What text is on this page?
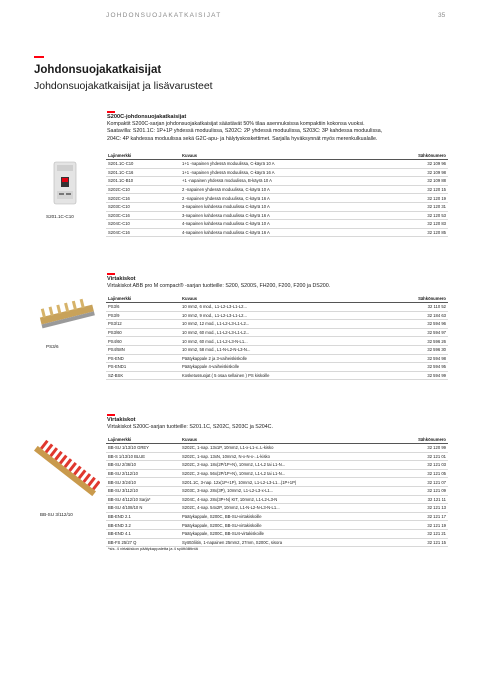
JOHDONSUOJAKATKAISIJAT	35
Johdonsuojakatkaisijat
Johdonsuojakatkaisijat ja lisävarusteet
S200C-johdonsuojakatkaisijat
Kompaktit S200C-sarjan johdonsuojakatkaisijat säästävät 50% tilaa asennuksissa kompaktiin kokonsa vuoksi.
Saatavilla: S201.1C: 1P+1P yhdessä moduulissa, S202C: 2P yhdessä moduulissa, S203C: 3P kahdessa moduulissa,
204C: 4P kahdessa moduulissa sekä G2C-apu- ja hälytyskoskettimet. Sarjalla hyväksynnät myös merenkulkualalle.
S201.1C-C10
Lajinmerkki	Kuvaus	Sähkönumero
S201.1C-C10	1+1 -napainen yhdessä moduulissa, C-käyrä 10 A	32 109 96
S201.1C-C16	1+1 -napainen yhdessä moduulissa, C-käyrä 16 A	32 109 98
S201.1C-B10	+1 -napainen yhdessä moduulissa, B-käyrä 10 A	32 109 88
S202C-C10	2 -napainen yhdessä moduulissa, C-käyrä 10 A	32 120 15
S202C-C16	2 -napainen yhdessä moduulissa, C-käyrä 16 A	32 120 19
S203C-C10	3-napainen kahdessa moduulissa C-käyrä 10 A	32 120 31
S203C-C16	3-napainen kahdessa moduulissa C-käyrä 16 A	32 120 53
S204C-C10	4-napainen kahdessa moduulissa C-käyrä 10 A	32 120 83
S204C-C16	4-napainen kahdessa moduulissa C-käyrä 16 A	32 120 85
Virtakiskot
Virtakiskot ABB pro M compact® -sarjan tuotteille: S200, S200S, FH200, F200, F200 ja DS200.
PS3/6
Lajinmerkki	Kuvaus	Sähkönumero
PS3/6	10 mm2, 6 mod., L1-L2-L3-L1-L2...	32 110 52
PS3/9	10 mm2, 9 mod., L1-L2-L3-L1-L2...	32 184 63
PS3/12	10 mm2, 12 mod., L1-L2-L3-L1-L2...	32 594 96
PS3/60	10 mm2, 60 mod., L1-L2-L3-L1-L2...	32 594 97
PS4/60	10 mm2, 60 mod., L1-L2-L3-N-L1...	32 596 26
PS4/58N	10 mm2, 58 mod., L1-N-L2-N-L3-N...	32 596 30
PS-END	Päätykappale 2 ja 3-vaiheiskiskolle	32 594 98
PS-END1	Päätykappale 4-vaiheiskiskolle	32 594 95
SZ-BSK	Kosketussuojat ( 5 osaa sellainen ) PS kiskoille	32 594 99
Virtakiskot
Virtakiskot S200C-sarjan tuotteille: S201.1C, S202C, S203C ja S204C.
BB-SU 3/112/10
Lajinmerkki	Kuvaus	Sähkönumero
BB-SU 1/13/10 GREY	S202C, 1-nap. 13x1P, 10mm2, L1-x-L1-x..L-kisko	32 120 99
BB-S 1/13/10 BLUE	S202C, 1-nap. 13xN, 10mm2, N-x-N-x-..L-kisko	32 121 01
BB-SU 2/36/10	S202C, 2-nap. 18x(2P/1P+N), 10mm2, L1-L2 tai L1-N...	32 121 03
BB-SU 2/112/10	S202C, 2-nap. 56x(2P/1P+N), 10mm2, L1-L2 tai L1-N...	32 121 05
BB-SU 3/24/10	S201.1C, 3-nap. 12x(1P+1P), 10mm2, L1-L2-L3-L1...(1P+1P)	32 121 07
BB-SU 3/112/10	S203C, 3-nap. 28x(3P), 10mm2, L1-L2-L3-x-L1...	32 121 09
BB-SU 4/112/10 Sarja*	S204C, 4-nap. 28x(3P+N) KIT, 10mm2, L1-L2-L3-N	32 121 11
BB-SU 4/108/10 N	S202C, 4-nap. 54x2P, 10mm2, L1-N-L2-N-L3-N-L1...	32 121 13
BB-END 2.1	Päätykappale, S200C, BB-SU-virtakiskoille	32 121 17
BB-END 3.2	Päätykappale, S200C, BB-SU-virtakiskoille	32 121 19
BB-END 4.1	Päätykappale, S200C, BB-SU4-virtakiskoille	32 121 21
BB-FS 25/27 Q	Syöttöliitin, 1-napainen 25mm2, 27mm, S200C, sisora	32 121 15
*sis. 4 virtakiskon päätykappaletta ja 4 syöttöliitintä
